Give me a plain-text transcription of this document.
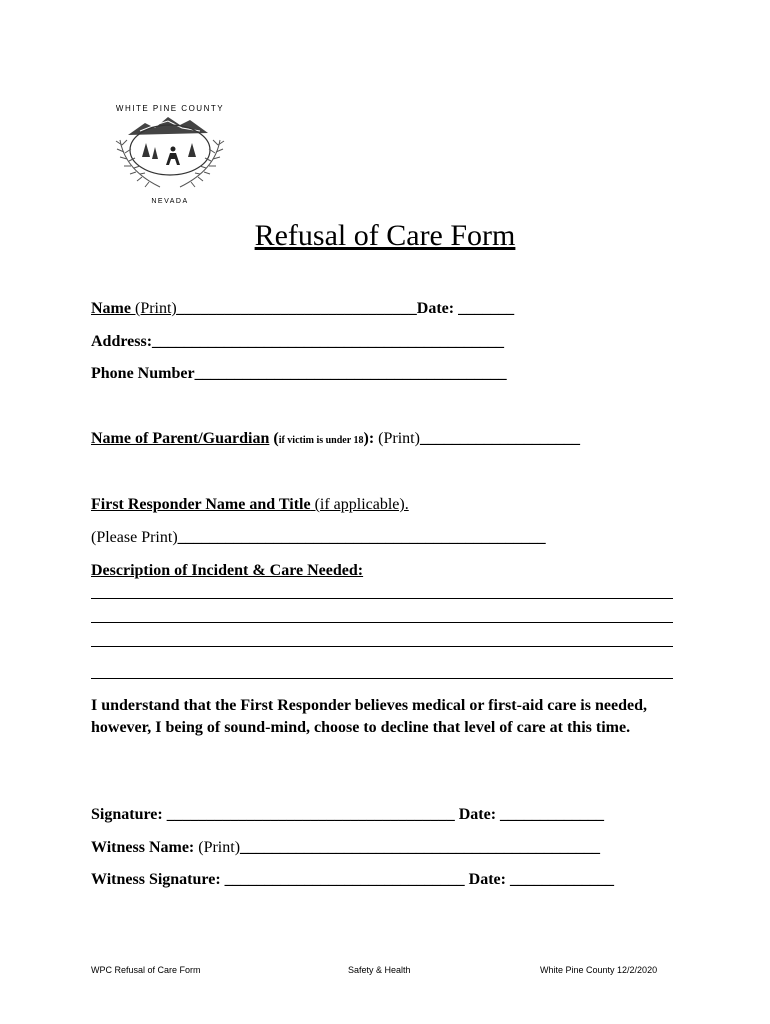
WHITE PINE COUNTY
NEVADA
Refusal of Care Form
Name (Print)______________________________Date: _______
Address:____________________________________________
Phone Number_______________________________________
Name of Parent/Guardian (if victim is under 18): (Print)____________________
First Responder Name and Title (if applicable).
(Please Print)______________________________________________
Description of Incident & Care Needed:
I understand that the First Responder believes medical or first-aid care is needed, however, I being of sound-mind, choose to decline that level of care at this time.
Signature: ____________________________________ Date: _____________
Witness Name: (Print)_____________________________________________
Witness Signature: ______________________________ Date: _____________
WPC Refusal of Care Form	Safety & Health	White Pine County 12/2/2020
